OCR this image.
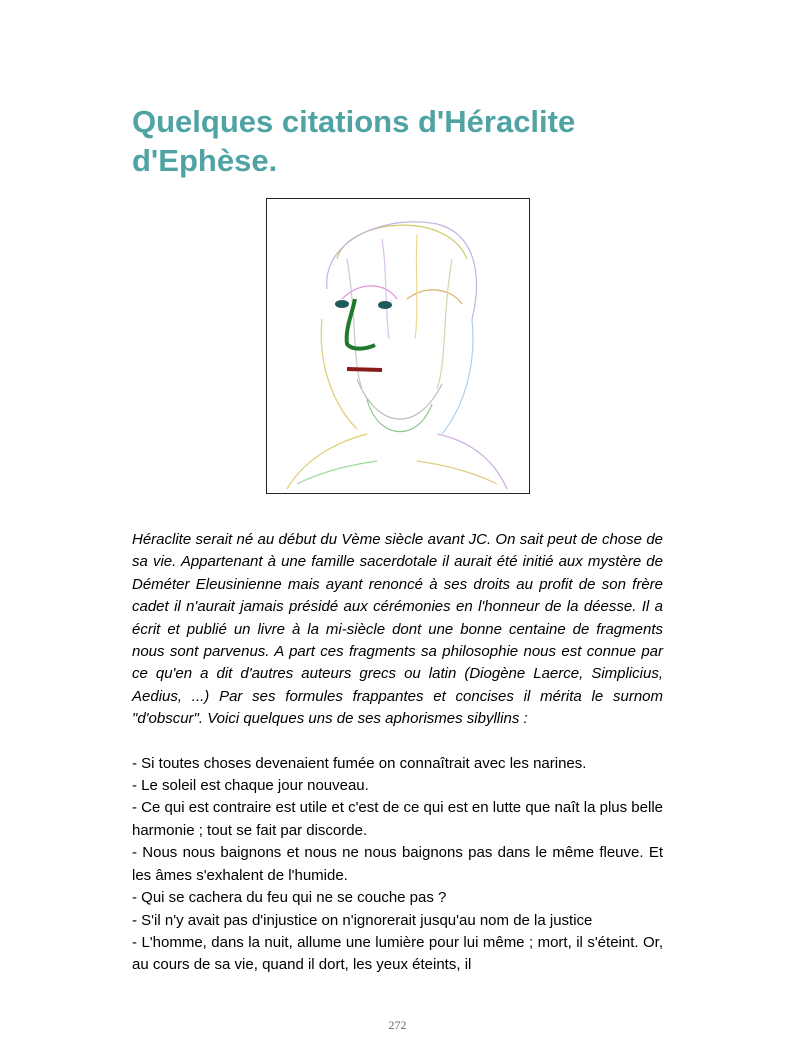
Quelques citations d'Héraclite
d'Ephèse.

Héraclite serait né au début du Vème siècle avant JC. On sait peut de chose de sa vie. Appartenant à une famille sacerdotale il aurait été initié aux mystère de Déméter Eleusinienne mais ayant renoncé à ses droits au profit de son frère cadet il n'aurait jamais présidé aux cérémonies en l'honneur de la déesse. Il a écrit et publié un livre à la mi-siècle dont une bonne centaine de fragments nous sont parvenus. A part ces fragments sa philosophie nous est connue par ce qu'en a dit d'autres auteurs grecs ou latin (Diogène Laerce, Simplicius, Aedius, ...) Par ses formules frappantes et concises il mérita le surnom "d'obscur". Voici quelques uns de ses aphorismes sibyllins :

- Si toutes choses devenaient fumée on connaîtrait avec les narines.
- Le soleil est chaque jour nouveau.
- Ce qui est contraire est utile et c'est de ce qui est en lutte que naît la plus belle harmonie ; tout se fait par discorde.
- Nous nous baignons et nous ne nous baignons pas dans le même fleuve. Et les âmes s'exhalent de l'humide.
- Qui se cachera du feu qui ne se couche pas ?
- S'il n'y avait pas d'injustice on n'ignorerait jusqu'au nom de la justice
- L'homme, dans la nuit, allume une lumière pour lui même ; mort, il s'éteint. Or, au cours de sa vie, quand il dort, les yeux éteints, il
272
